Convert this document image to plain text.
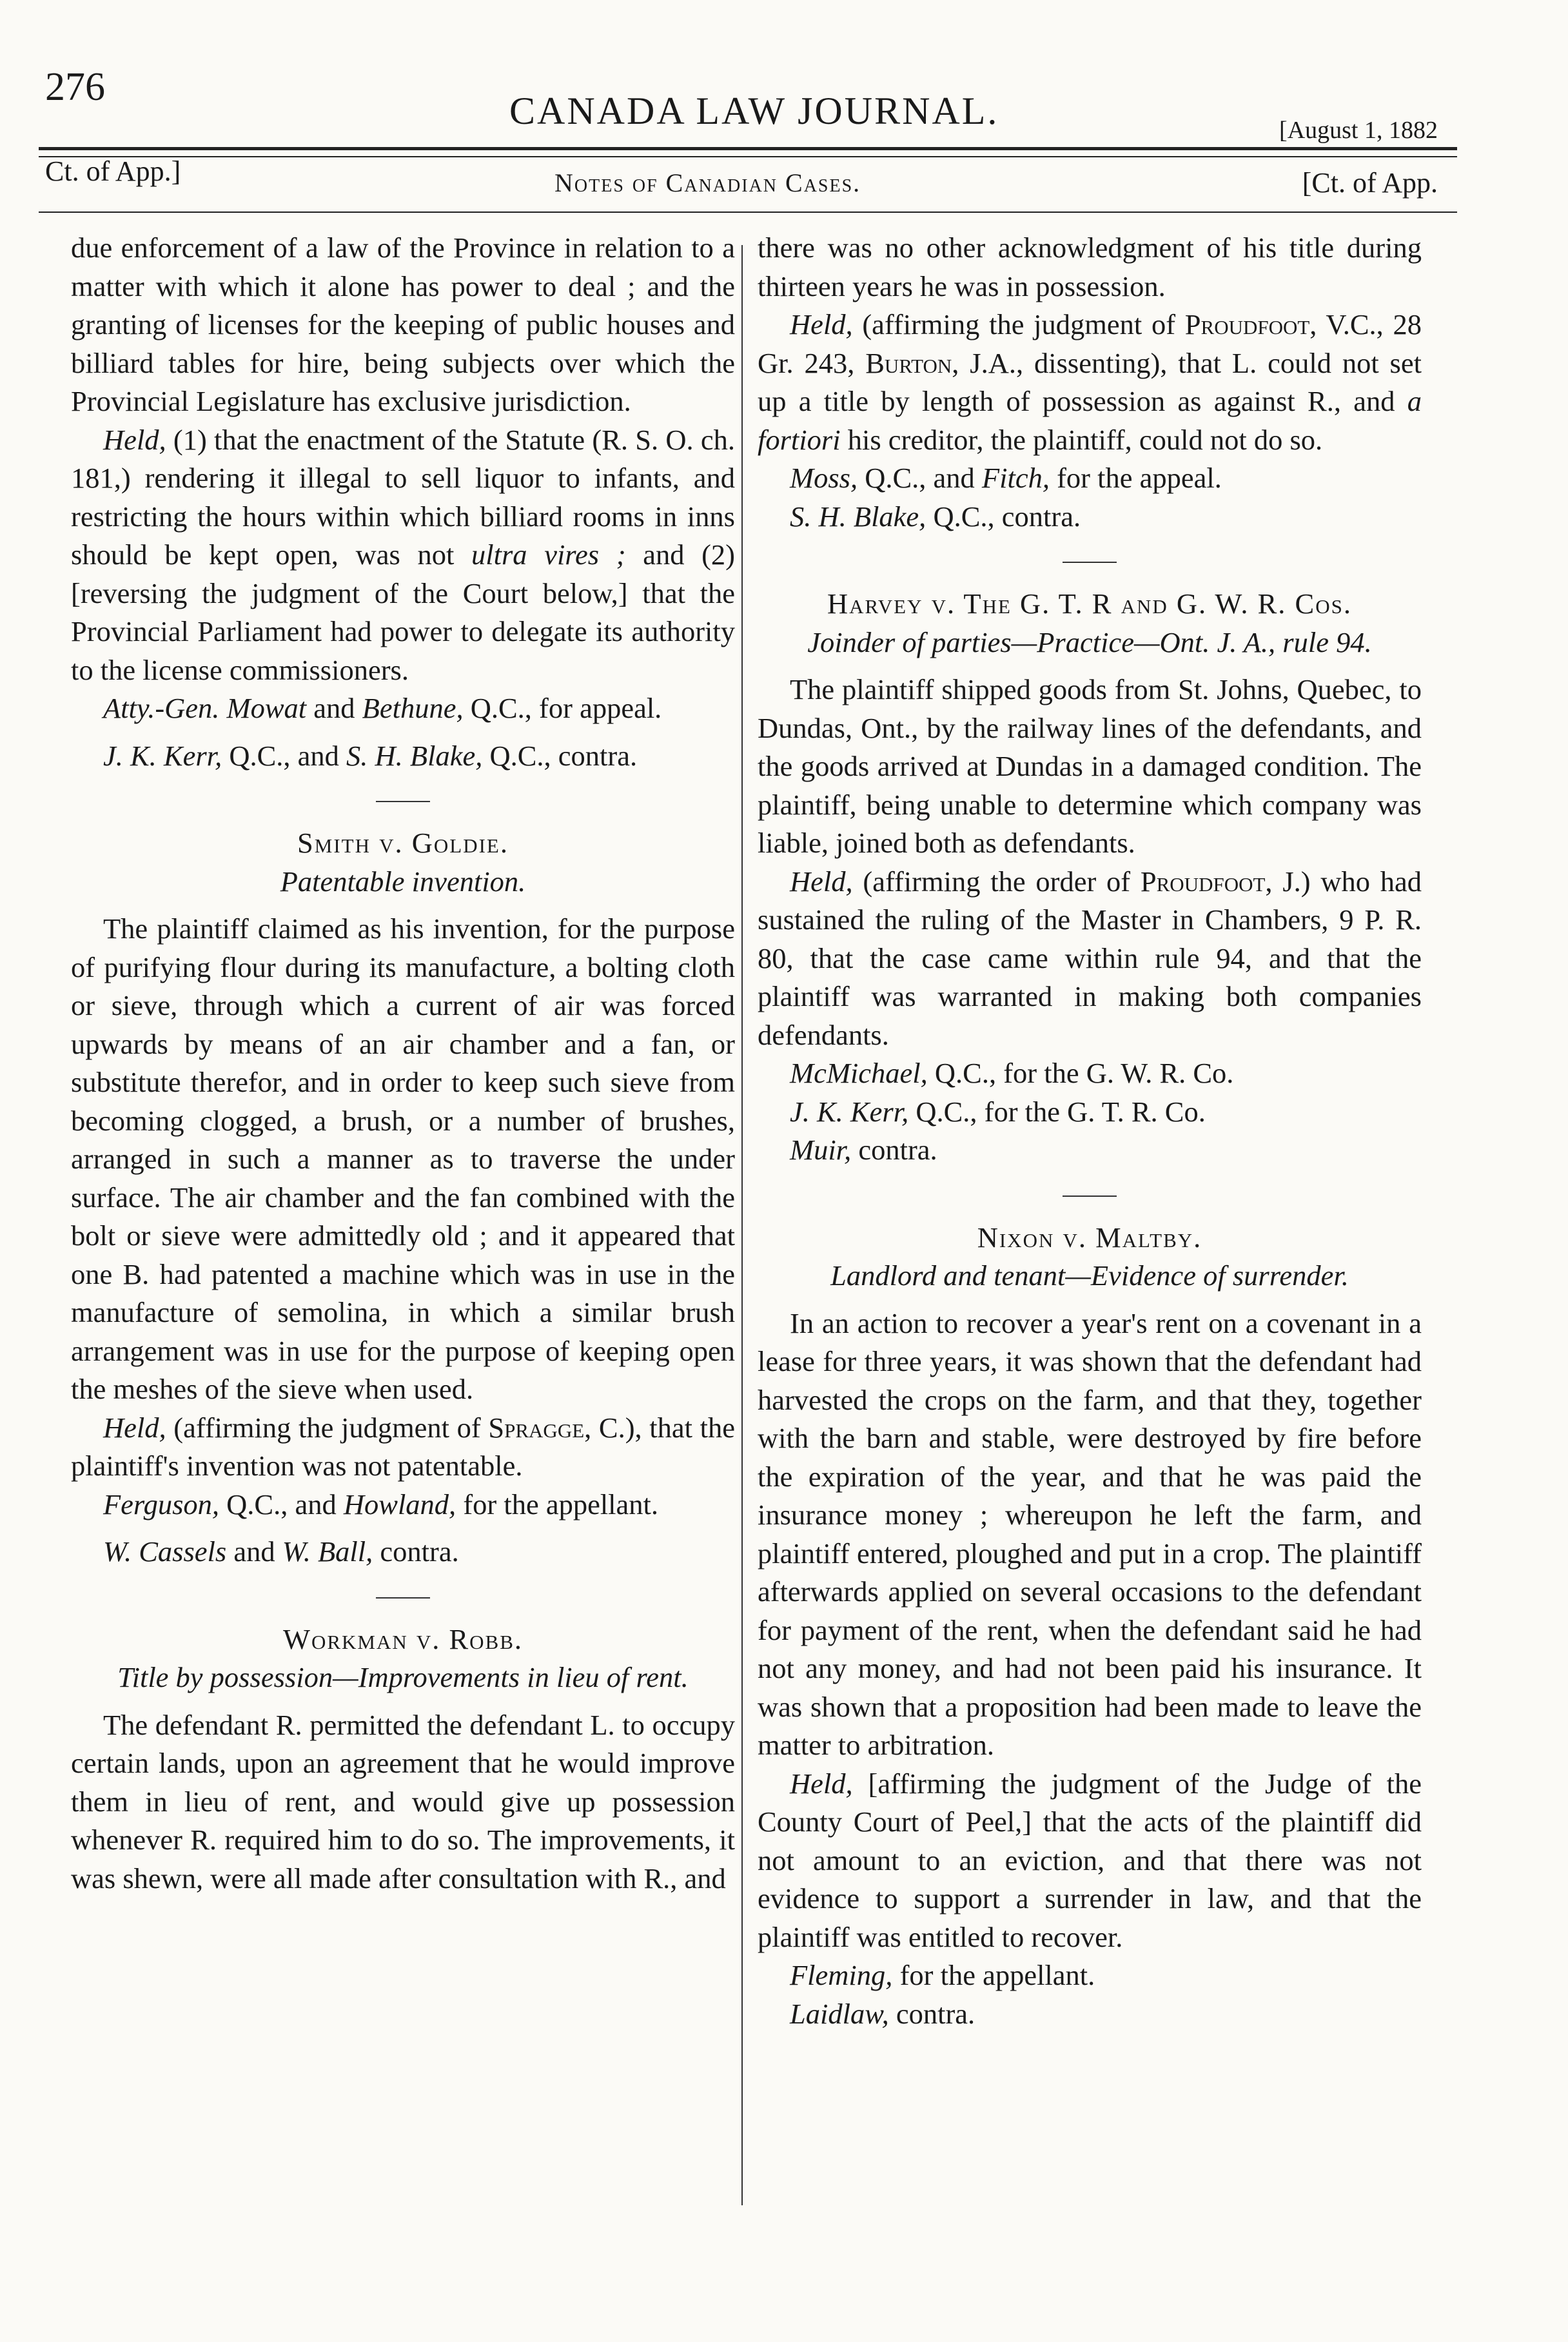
276
CANADA LAW JOURNAL.	[August 1, 1882
Ct. of App.]	Notes of Canadian Cases.	[Ct. of App.

due enforcement of a law of the Province in relation to a matter with which it alone has power to deal ; and the granting of licenses for the keeping of public houses and billiard tables for hire, being subjects over which the Provincial Legislature has exclusive jurisdiction.

Held, (1) that the enactment of the Statute (R. S. O. ch. 181,) rendering it illegal to sell liquor to infants, and restricting the hours within which billiard rooms in inns should be kept open, was not ultra vires ; and (2) [reversing the judgment of the Court below,] that the Provincial Parliament had power to delegate its authority to the license commissioners.

Atty.-Gen. Mowat and Bethune, Q.C., for appeal.

J. K. Kerr, Q.C., and S. H. Blake, Q.C., contra.

Smith v. Goldie.
Patentable invention.

The plaintiff claimed as his invention, for the purpose of purifying flour during its manufacture, a bolting cloth or sieve, through which a current of air was forced upwards by means of an air chamber and a fan, or substitute therefor, and in order to keep such sieve from becoming clogged, a brush, or a number of brushes, arranged in such a manner as to traverse the under surface. The air chamber and the fan combined with the bolt or sieve were admittedly old ; and it appeared that one B. had patented a machine which was in use in the manufacture of semolina, in which a similar brush arrangement was in use for the purpose of keeping open the meshes of the sieve when used.

Held, (affirming the judgment of Spragge, C.), that the plaintiff's invention was not patentable.

Ferguson, Q.C., and Howland, for the appellant.

W. Cassels and W. Ball, contra.

Workman v. Robb.
Title by possession—Improvements in lieu of rent.

The defendant R. permitted the defendant L. to occupy certain lands, upon an agreement that he would improve them in lieu of rent, and would give up possession whenever R. required him to do so. The improvements, it was shewn, were all made after consultation with R., and

there was no other acknowledgment of his title during thirteen years he was in possession.

Held, (affirming the judgment of Proudfoot, V.C., 28 Gr. 243, Burton, J.A., dissenting), that L. could not set up a title by length of possession as against R., and a fortiori his creditor, the plaintiff, could not do so.

Moss, Q.C., and Fitch, for the appeal.

S. H. Blake, Q.C., contra.

Harvey v. The G. T. R and G. W. R. Cos.
Joinder of parties—Practice—Ont. J. A., rule 94.

The plaintiff shipped goods from St. Johns, Quebec, to Dundas, Ont., by the railway lines of the defendants, and the goods arrived at Dundas in a damaged condition. The plaintiff, being unable to determine which company was liable, joined both as defendants.

Held, (affirming the order of Proudfoot, J.) who had sustained the ruling of the Master in Chambers, 9 P. R. 80, that the case came within rule 94, and that the plaintiff was warranted in making both companies defendants.

McMichael, Q.C., for the G. W. R. Co.

J. K. Kerr, Q.C., for the G. T. R. Co.

Muir, contra.

Nixon v. Maltby.
Landlord and tenant—Evidence of surrender.

In an action to recover a year's rent on a covenant in a lease for three years, it was shown that the defendant had harvested the crops on the farm, and that they, together with the barn and stable, were destroyed by fire before the expiration of the year, and that he was paid the insurance money ; whereupon he left the farm, and plaintiff entered, ploughed and put in a crop. The plaintiff afterwards applied on several occasions to the defendant for payment of the rent, when the defendant said he had not any money, and had not been paid his insurance. It was shown that a proposition had been made to leave the matter to arbitration.

Held, [affirming the judgment of the Judge of the County Court of Peel,] that the acts of the plaintiff did not amount to an eviction, and that there was not evidence to support a surrender in law, and that the plaintiff was entitled to recover.

Fleming, for the appellant.

Laidlaw, contra.
